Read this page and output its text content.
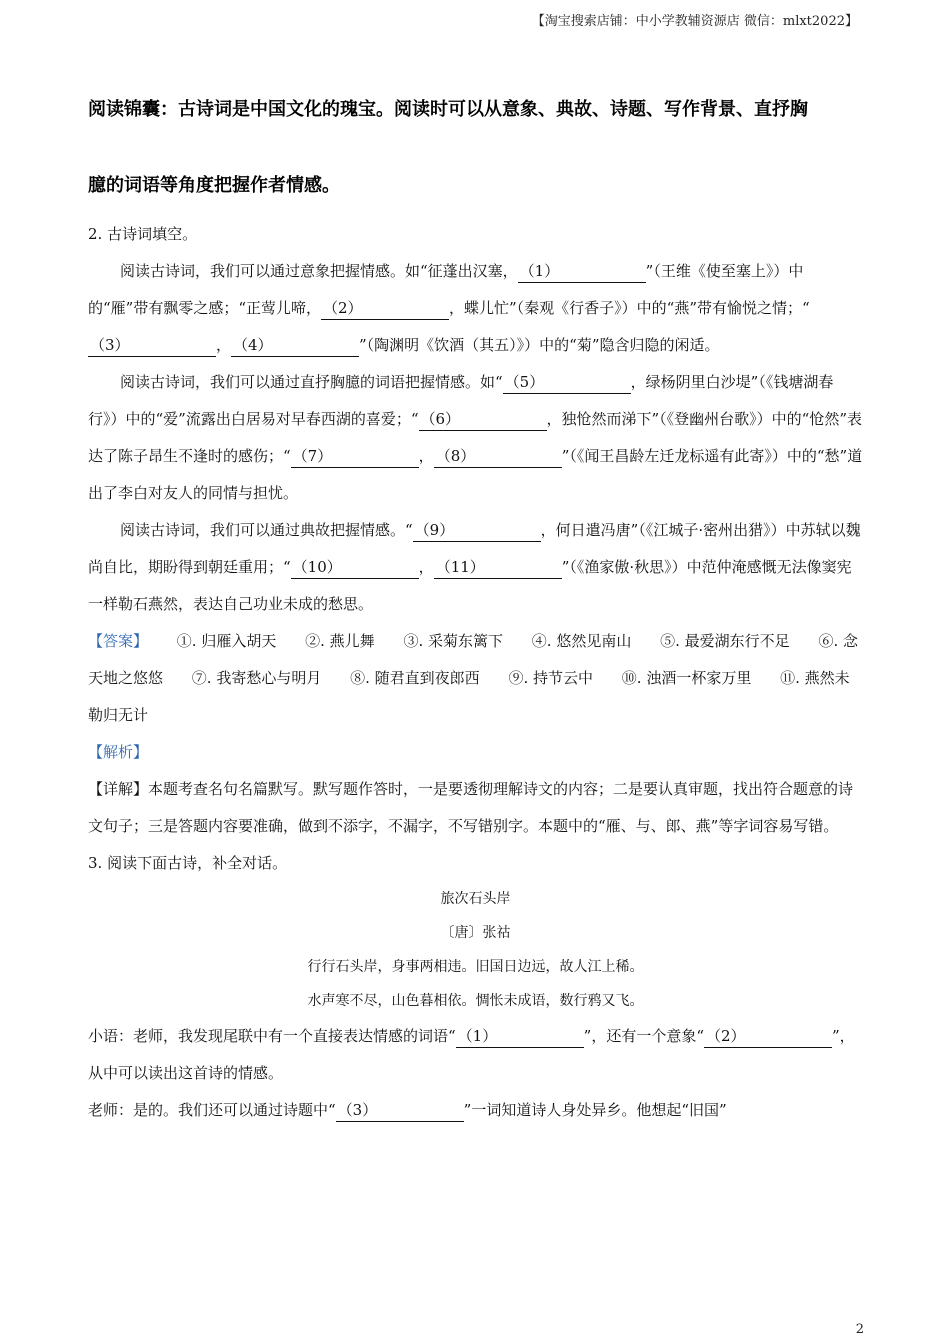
【淘宝搜索店铺：中小学教辅资源店 微信：mlxt2022】
阅读锦囊：古诗词是中国文化的瑰宝。阅读时可以从意象、典故、诗题、写作背景、直抒胸
臆的词语等角度把握作者情感。

2. 古诗词填空。

阅读古诗词，我们可以通过意象把握情感。如“征蓬出汉塞， （1）	”（王维《使至塞上》）中的“雁”带有飘零之感；“正莺儿啼， （2）	，蝶儿忙”（秦观《行香子》）中的“燕”带有愉悦之情；“（3）	， （4）	”（陶渊明《饮酒（其五）》）中的“菊”隐含归隐的闲适。

阅读古诗词，我们可以通过直抒胸臆的词语把握情感。如“ （5）	，绿杨阴里白沙堤”（《钱塘湖春行》）中的“爱”流露出白居易对早春西湖的喜爱；“ （6）	，独怆然而涕下”（《登幽州台歌》）中的“怆然”表达了陈子昂生不逢时的感伤；“ （7）	， （8）	”（《闻王昌龄左迁龙标遥有此寄》）中的“愁”道出了李白对友人的同情与担忧。

阅读古诗词，我们可以通过典故把握情感。“ （9）	，何日遣冯唐”（《江城子·密州出猎》）中苏轼以魏尚自比，期盼得到朝廷重用；“ （10）	， （11）	”（《渔家傲·秋思》）中范仲淹感慨无法像窦宪一样勒石燕然，表达自己功业未成的愁思。

【答案】 ①. 归雁入胡天 ②. 燕儿舞 ③. 采菊东篱下 ④. 悠然见南山 ⑤. 最爱湖东行不足 ⑥. 念天地之悠悠 ⑦. 我寄愁心与明月 ⑧. 随君直到夜郎西 ⑨. 持节云中 ⑩. 浊酒一杯家万里 ⑪. 燕然未勒归无计

【解析】

【详解】本题考查名句名篇默写。默写题作答时，一是要透彻理解诗文的内容；二是要认真审题，找出符合题意的诗文句子；三是答题内容要准确，做到不添字，不漏字，不写错别字。本题中的“雁、与、郎、燕”等字词容易写错。

3. 阅读下面古诗，补全对话。

旅次石头岸
〔唐〕张祜
行行石头岸，身事两相违。旧国日边远，故人江上稀。
水声寒不尽，山色暮相依。惆怅未成语，数行鸦又飞。

小语：老师，我发现尾联中有一个直接表达情感的词语“ （1）	”，还有一个意象“ （2）	”，从中可以读出这首诗的情感。

老师：是的。我们还可以通过诗题中“ （3）	”一词知道诗人身处异乡。他想起“旧国”

2
